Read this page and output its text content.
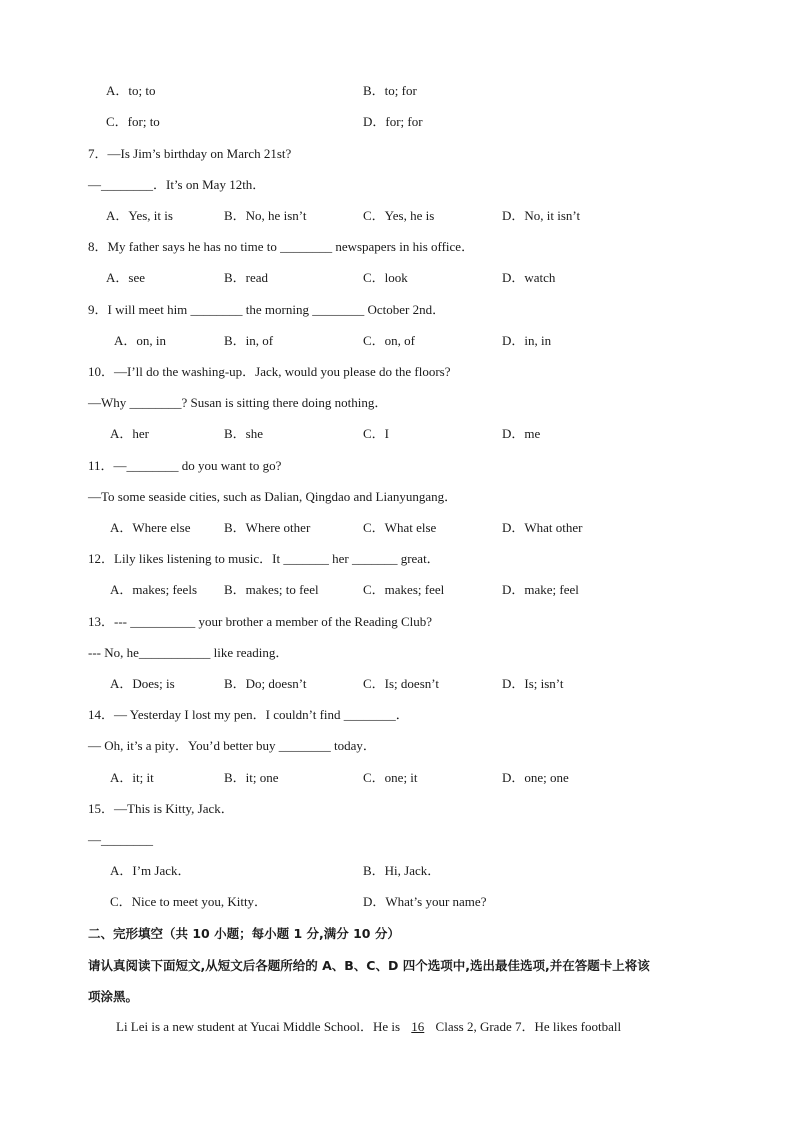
A．to; to	B．to; for
C．for; to	D．for; for
7．—Is Jim’s birthday on March 21st?
—________．It’s on May 12th．
A．Yes, it is	B．No, he isn’t	C．Yes, he is	D．No, it isn’t
8．My father says he has no time to ________ newspapers in his office．
A．see	B．read	C．look	D．watch
9．I will meet him ________ the morning ________ October 2nd．
A．on, in	B．in, of	C．on, of	D．in, in
10．—I’ll do the washing-up．Jack, would you please do the floors?
—Why ________? Susan is sitting there doing nothing．
A．her	B．she	C．I	D．me
11．—________ do you want to go?
—To some seaside cities, such as Dalian, Qingdao and Lianyungang．
A．Where else	B．Where other	C．What else	D．What other
12．Lily likes listening to music．It _______ her _______ great．
A．makes; feels B．makes; to feel	C．makes; feel	D．make; feel
13．--- __________ your brother a member of the Reading Club?
--- No, he___________ like reading．
A．Does; is	B．Do; doesn’t	C．Is; doesn’t	D．Is; isn’t
14．— Yesterday I lost my pen．I couldn’t find ________．
— Oh, it’s a pity．You’d better buy ________ today．
A．it; it	B．it; one	C．one; it	D．one; one
15．—This is Kitty, Jack．
—________
A．I’m Jack．	B．Hi, Jack．
C．Nice to meet you, Kitty．	D．What’s your name?
二、完形填空（共 10 小题；每小题 1 分,满分 10 分）
请认真阅读下面短文,从短文后各题所给的 A、B、C、D 四个选项中,选出最佳选项,并在答题卡上将该
项涂黑。
Li Lei is a new student at Yucai Middle School．He is 16 Class 2, Grade 7．He likes football
